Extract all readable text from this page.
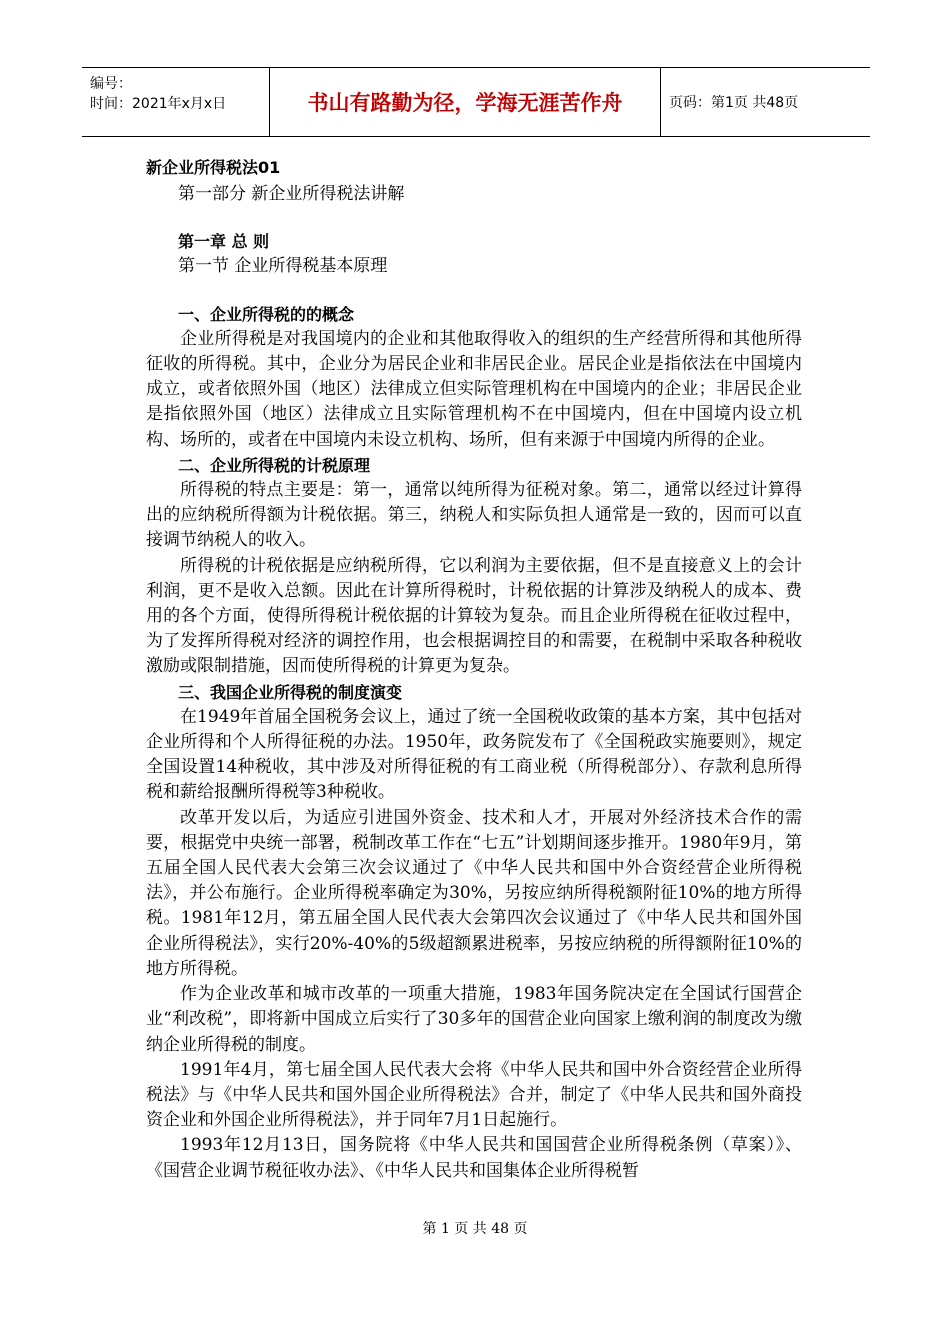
编号：
时间：2021年x月x日	书山有路勤为径，学海无涯苦作舟	页码：第1页 共48页
新企业所得税法01
第一部分 新企业所得税法讲解
第一章 总 则
第一节 企业所得税基本原理
一、企业所得税的的概念

企业所得税是对我国境内的企业和其他取得收入的组织的生产经营所得和其他所得征收的所得税。其中，企业分为居民企业和非居民企业。居民企业是指依法在中国境内成立，或者依照外国（地区）法律成立但实际管理机构在中国境内的企业；非居民企业是指依照外国（地区）法律成立且实际管理机构不在中国境内，但在中国境内设立机构、场所的，或者在中国境内未设立机构、场所，但有来源于中国境内所得的企业。

二、企业所得税的计税原理

所得税的特点主要是：第一，通常以纯所得为征税对象。第二，通常以经过计算得出的应纳税所得额为计税依据。第三，纳税人和实际负担人通常是一致的，因而可以直接调节纳税人的收入。

所得税的计税依据是应纳税所得，它以利润为主要依据，但不是直接意义上的会计利润，更不是收入总额。因此在计算所得税时，计税依据的计算涉及纳税人的成本、费用的各个方面，使得所得税计税依据的计算较为复杂。而且企业所得税在征收过程中，为了发挥所得税对经济的调控作用，也会根据调控目的和需要，在税制中采取各种税收激励或限制措施，因而使所得税的计算更为复杂。

三、我国企业所得税的制度演变

在1949年首届全国税务会议上，通过了统一全国税收政策的基本方案，其中包括对企业所得和个人所得征税的办法。1950年，政务院发布了《全国税政实施要则》，规定全国设置14种税收，其中涉及对所得征税的有工商业税（所得税部分）、存款利息所得税和薪给报酬所得税等3种税收。

改革开发以后，为适应引进国外资金、技术和人才，开展对外经济技术合作的需要，根据党中央统一部署，税制改革工作在“七五”计划期间逐步推开。1980年9月，第五届全国人民代表大会第三次会议通过了《中华人民共和国中外合资经营企业所得税法》，并公布施行。企业所得税率确定为30%，另按应纳所得税额附征10%的地方所得税。1981年12月，第五届全国人民代表大会第四次会议通过了《中华人民共和国外国企业所得税法》，实行20%-40%的5级超额累进税率，另按应纳税的所得额附征10%的地方所得税。

作为企业改革和城市改革的一项重大措施，1983年国务院决定在全国试行国营企业“利改税”，即将新中国成立后实行了30多年的国营企业向国家上缴利润的制度改为缴纳企业所得税的制度。

1991年4月，第七届全国人民代表大会将《中华人民共和国中外合资经营企业所得税法》与《中华人民共和国外国企业所得税法》合并，制定了《中华人民共和国外商投资企业和外国企业所得税法》，并于同年7月1日起施行。

1993年12月13日，国务院将《中华人民共和国国营企业所得税条例（草案）》、《国营企业调节税征收办法》、《中华人民共和国集体企业所得税暂

第 1 页 共 48 页
